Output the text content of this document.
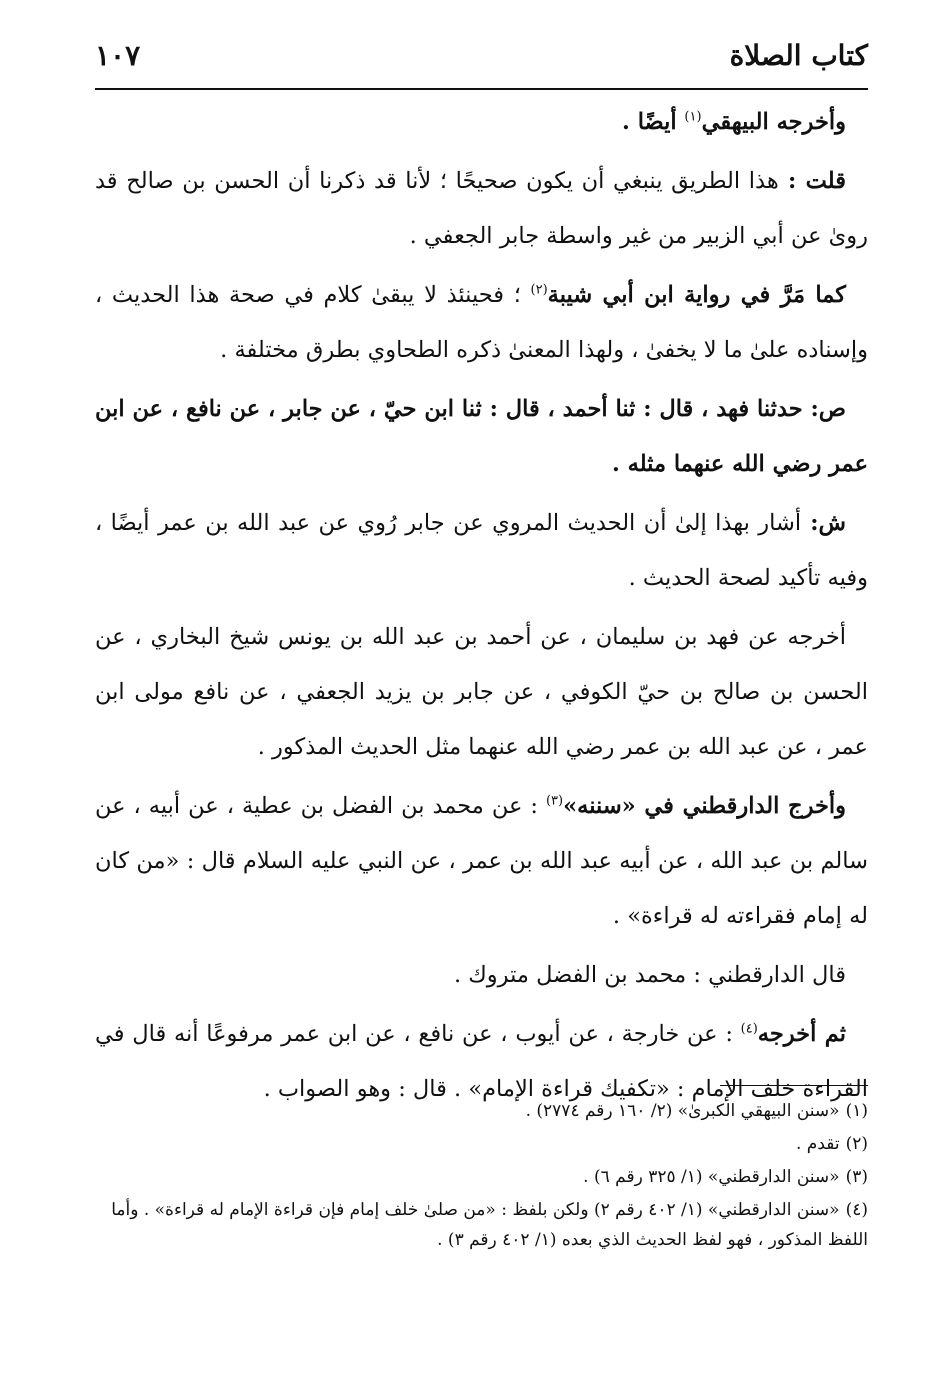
كتاب الصلاة
١٠٧

وأخرجه البيهقي$^{(١)}$ أيضًا .

قلت : هذا الطريق ينبغي أن يكون صحيحًا ؛ لأنا قد ذكرنا أن الحسن بن صالح قد روىٰ عن أبي الزبير من غير واسطة جابر الجعفي .

كما مَرَّ في رواية ابن أبي شيبة$^{(٢)}$ ؛ فحينئذ لا يبقىٰ كلام في صحة هذا الحديث ، وإسناده علىٰ ما لا يخفىٰ ، ولهذا المعنىٰ ذكره الطحاوي بطرق مختلفة .

ص: حدثنا فهد ، قال : ثنا أحمد ، قال : ثنا ابن حيّ ، عن جابر ، عن نافع ، عن ابن عمر رضي الله عنهما مثله .

ش: أشار بهذا إلىٰ أن الحديث المروي عن جابر رُوي عن عبد الله بن عمر أيضًا ، وفيه تأكيد لصحة الحديث .

أخرجه عن فهد بن سليمان ، عن أحمد بن عبد الله بن يونس شيخ البخاري ، عن الحسن بن صالح بن حيّ الكوفي ، عن جابر بن يزيد الجعفي ، عن نافع مولى ابن عمر ، عن عبد الله بن عمر رضي الله عنهما مثل الحديث المذكور .

وأخرج الدارقطني في «سننه»$^{(٣)}$ : عن محمد بن الفضل بن عطية ، عن أبيه ، عن سالم بن عبد الله ، عن أبيه عبد الله بن عمر ، عن النبي عليه السلام قال : «من كان له إمام فقراءته له قراءة» .

قال الدارقطني : محمد بن الفضل متروك .

ثم أخرجه$^{(٤)}$ : عن خارجة ، عن أيوب ، عن نافع ، عن ابن عمر مرفوعًا أنه قال في القراءة خلف الإمام : «تكفيك قراءة الإمام» . قال : وهو الصواب .

(١)«سنن البيهقي الكبرىٰ» (٢/ ١٦٠ رقم ٢٧٧٤) .

(٢)تقدم .

(٣)«سنن الدارقطني» (١/ ٣٢٥ رقم ٦) .

(٤)«سنن الدارقطني» (١/ ٤٠٢ رقم ٢) ولكن بلفظ : «من صلىٰ خلف إمام فإن قراءة الإمام له قراءة» . وأما اللفظ المذكور ، فهو لفظ الحديث الذي بعده (١/ ٤٠٢ رقم ٣) .
